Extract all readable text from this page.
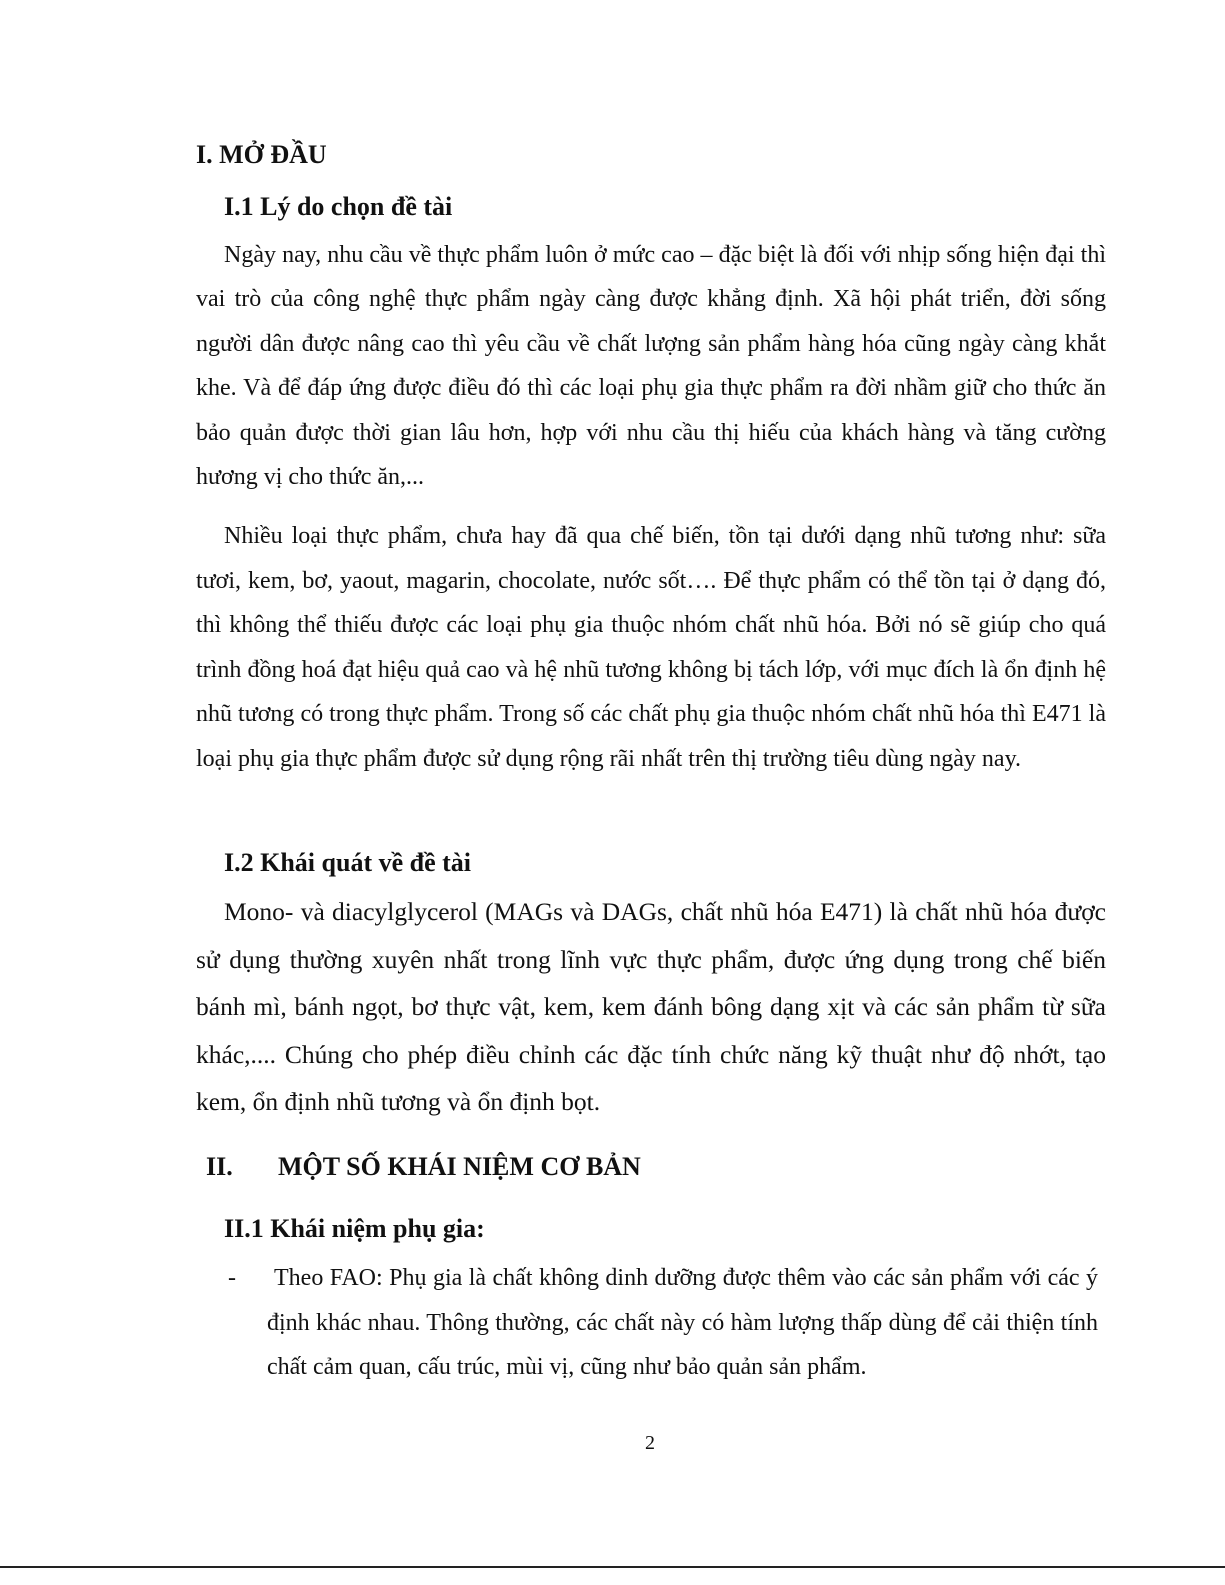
I. MỞ ĐẦU
I.1 Lý do chọn đề tài

Ngày nay, nhu cầu về thực phẩm luôn ở mức cao – đặc biệt là đối với nhịp sống hiện đại thì vai trò của công nghệ thực phẩm ngày càng được khẳng định. Xã hội phát triển, đời sống người dân được nâng cao thì yêu cầu về chất lượng sản phẩm hàng hóa cũng ngày càng khắt khe. Và để đáp ứng được điều đó thì các loại phụ gia thực phẩm ra đời nhầm giữ cho thức ăn bảo quản được thời gian lâu hơn, hợp với nhu cầu thị hiếu của khách hàng và tăng cường hương vị cho thức ăn,...

Nhiều loại thực phẩm, chưa hay đã qua chế biến, tồn tại dưới dạng nhũ tương như: sữa tươi, kem, bơ, yaout, magarin, chocolate, nước sốt…. Để thực phẩm có thể tồn tại ở dạng đó, thì không thể thiếu được các loại phụ gia thuộc nhóm chất nhũ hóa. Bởi nó sẽ giúp cho quá trình đồng hoá đạt hiệu quả cao và hệ nhũ tương không bị tách lớp, với mục đích là ổn định hệ nhũ tương có trong thực phẩm. Trong số các chất phụ gia thuộc nhóm chất nhũ hóa thì E471 là loại phụ gia thực phẩm được sử dụng rộng rãi nhất trên thị trường tiêu dùng ngày nay.

I.2 Khái quát về đề tài

Mono- và diacylglycerol (MAGs và DAGs, chất nhũ hóa E471) là chất nhũ hóa được sử dụng thường xuyên nhất trong lĩnh vực thực phẩm, được ứng dụng trong chế biến bánh mì, bánh ngọt, bơ thực vật, kem, kem đánh bông dạng xịt và các sản phẩm từ sữa khác,.... Chúng cho phép điều chỉnh các đặc tính chức năng kỹ thuật như độ nhớt, tạo kem, ổn định nhũ tương và ổn định bọt.

II. MỘT SỐ KHÁI NIỆM CƠ BẢN
II.1 Khái niệm phụ gia:
- Theo FAO: Phụ gia là chất không dinh dưỡng được thêm vào các sản phẩm với các ý định khác nhau. Thông thường, các chất này có hàm lượng thấp dùng để cải thiện tính chất cảm quan, cấu trúc, mùi vị, cũng như bảo quản sản phẩm.
2
